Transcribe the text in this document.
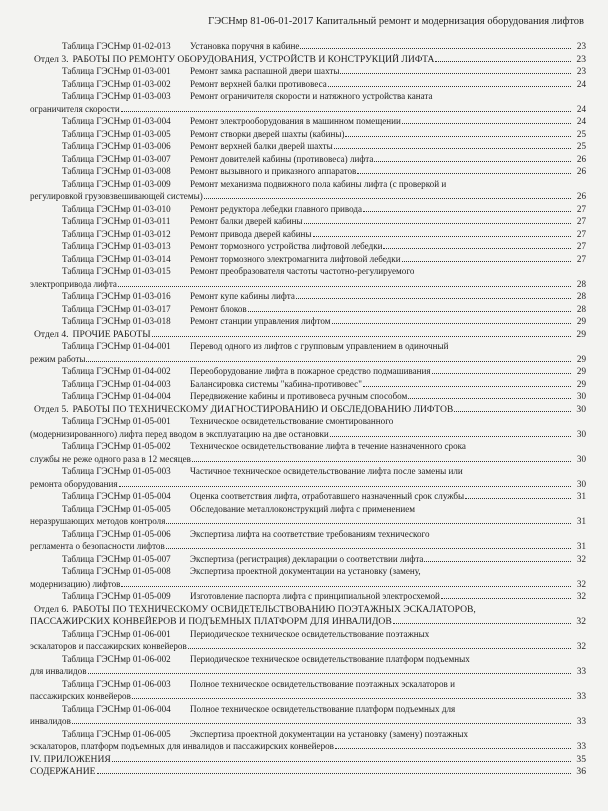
ГЭСНмр 81-06-01-2017 Капитальный ремонт и модернизация оборудования лифтов
Таблица ГЭСНмр 01-02-013	Установка поручня в кабине	23
Отдел 3. РАБОТЫ ПО РЕМОНТУ ОБОРУДОВАНИЯ, УСТРОЙСТВ И КОНСТРУКЦИЙ ЛИФТА	23
Таблица ГЭСНмр 01-03-001	Ремонт замка распашной двери шахты	23
Таблица ГЭСНмр 01-03-002	Ремонт верхней балки противовеса	24
Таблица ГЭСНмр 01-03-003	Ремонт ограничителя скорости и натяжного устройства каната
ограничителя скорости	24
Таблица ГЭСНмр 01-03-004	Ремонт электрооборудования в машинном помещении	24
Таблица ГЭСНмр 01-03-005	Ремонт створки дверей шахты (кабины)	25
Таблица ГЭСНмр 01-03-006	Ремонт верхней балки дверей шахты	25
Таблица ГЭСНмр 01-03-007	Ремонт довителей кабины (противовеса) лифта	26
Таблица ГЭСНмр 01-03-008	Ремонт вызывного и приказного аппаратов	26
Таблица ГЭСНмр 01-03-009	Ремонт механизма подвижного пола кабины лифта (с проверкой и
регулировкой грузовзвешивающей системы)	26
Таблица ГЭСНмр 01-03-010	Ремонт редуктора лебедки главного привода	27
Таблица ГЭСНмр 01-03-011	Ремонт балки дверей кабины	27
Таблица ГЭСНмр 01-03-012	Ремонт привода дверей кабины	27
Таблица ГЭСНмр 01-03-013	Ремонт тормозного устройства лифтовой лебедки	27
Таблица ГЭСНмр 01-03-014	Ремонт тормозного электромагнита лифтовой лебедки	27
Таблица ГЭСНмр 01-03-015	Ремонт преобразователя частоты частотно-регулируемого
электропривода лифта	28
Таблица ГЭСНмр 01-03-016	Ремонт купе кабины лифта	28
Таблица ГЭСНмр 01-03-017	Ремонт блоков	28
Таблица ГЭСНмр 01-03-018	Ремонт станции управления лифтом	29
Отдел 4. ПРОЧИЕ РАБОТЫ	29
Таблица ГЭСНмр 01-04-001	Перевод одного из лифтов с групповым управлением в одиночный
режим работы	29
Таблица ГЭСНмр 01-04-002	Переоборудование лифта в пожарное средство подмашивания	29
Таблица ГЭСНмр 01-04-003	Балансировка системы "кабина-противовес"	29
Таблица ГЭСНмр 01-04-004	Передвижение кабины и противовеса ручным способом	30
Отдел 5. РАБОТЫ ПО ТЕХНИЧЕСКОМУ ДИАГНОСТИРОВАНИЮ И ОБСЛЕДОВАНИЮ ЛИФТОВ	30
Таблица ГЭСНмр 01-05-001	Техническое освидетельствование смонтированного
(модернизированного) лифта перед вводом в эксплуатацию на две остановки	30
Таблица ГЭСНмр 01-05-002	Техническое освидетельствование лифта в течение назначенного срока
службы не реже одного раза в 12 месяцев	30
Таблица ГЭСНмр 01-05-003	Частичное техническое освидетельствование лифта после замены или
ремонта оборудования	30
Таблица ГЭСНмр 01-05-004	Оценка соответствия лифта, отработавшего назначенный срок службы	31
Таблица ГЭСНмр 01-05-005	Обследование металлоконструкций лифта с применением
неразрушающих методов контроля	31
Таблица ГЭСНмр 01-05-006	Экспертиза лифта на соответствие требованиям технического
регламента о безопасности лифтов	31
Таблица ГЭСНмр 01-05-007	Экспертиза (регистрация) декларации о соответствии лифта	32
Таблица ГЭСНмр 01-05-008	Экспертиза проектной документации на установку (замену,
модернизацию) лифтов	32
Таблица ГЭСНмр 01-05-009	Изготовление паспорта лифта с принципиальной электросхемой	32
Отдел 6. РАБОТЫ ПО ТЕХНИЧЕСКОМУ ОСВИДЕТЕЛЬСТВОВАНИЮ ПОЭТАЖНЫХ ЭСКАЛАТОРОВ,
ПАССАЖИРСКИХ КОНВЕЙЕРОВ И ПОДЪЕМНЫХ ПЛАТФОРМ ДЛЯ ИНВАЛИДОВ	32
Таблица ГЭСНмр 01-06-001	Периодическое техническое освидетельствование поэтажных
эскалаторов и пассажирских конвейеров	32
Таблица ГЭСНмр 01-06-002	Периодическое техническое освидетельствование платформ подъемных
для инвалидов	33
Таблица ГЭСНмр 01-06-003	Полное техническое освидетельствование поэтажных эскалаторов и
пассажирских конвейеров	33
Таблица ГЭСНмр 01-06-004	Полное техническое освидетельствование платформ подъемных для
инвалидов	33
Таблица ГЭСНмр 01-06-005	Экспертиза проектной документации на установку (замену) поэтажных
эскалаторов, платформ подъемных для инвалидов и пассажирских конвейеров	33
IV. ПРИЛОЖЕНИЯ	35
СОДЕРЖАНИЕ	36
